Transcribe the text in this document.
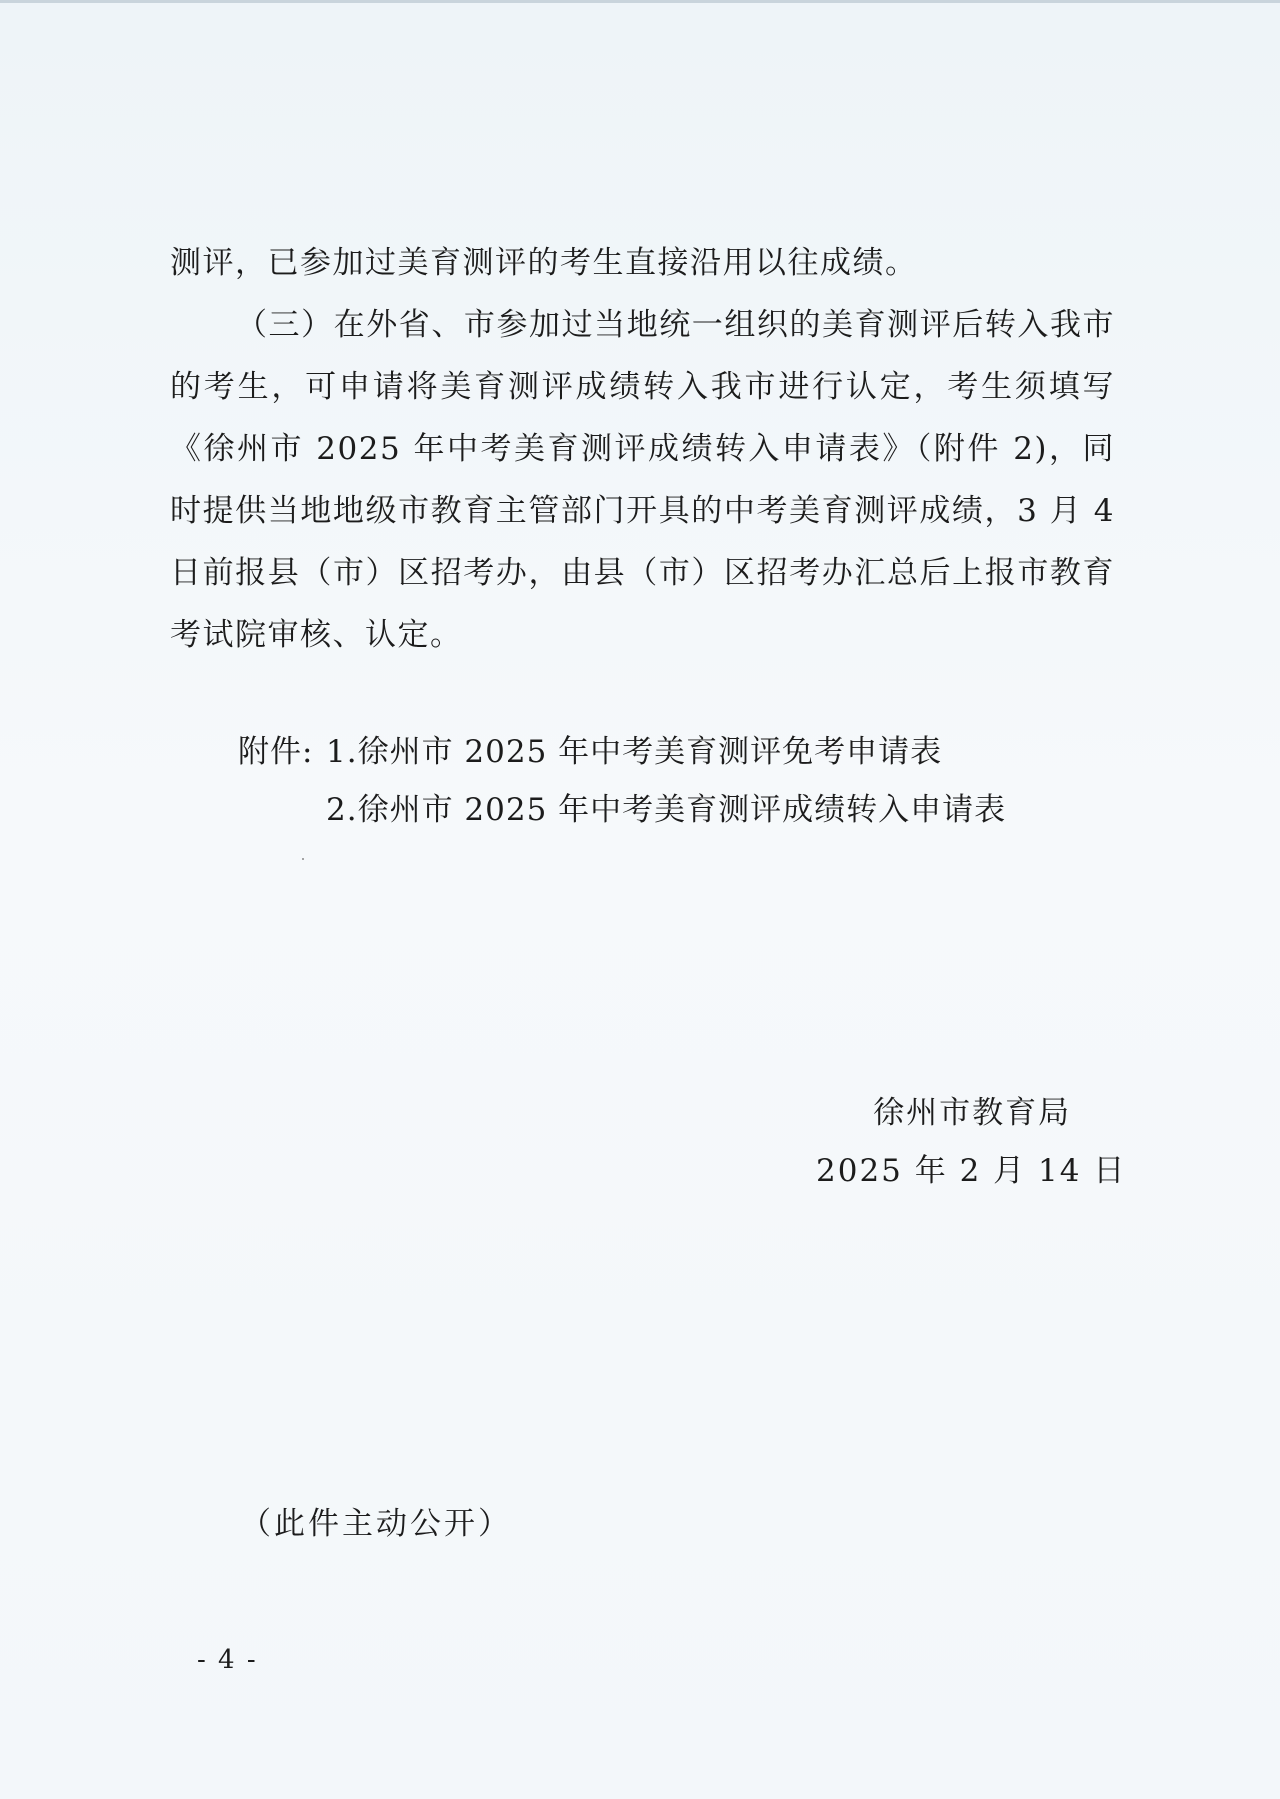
测评，已参加过美育测评的考生直接沿用以往成绩。

（三）在外省、市参加过当地统一组织的美育测评后转入我市的考生，可申请将美育测评成绩转入我市进行认定，考生须填写《徐州市 2025 年中考美育测评成绩转入申请表》（附件 2)，同时提供当地地级市教育主管部门开具的中考美育测评成绩，3 月 4 日前报县（市）区招考办，由县（市）区招考办汇总后上报市教育考试院审核、认定。

附件: 1.徐州市 2025 年中考美育测评免考申请表
2.徐州市 2025 年中考美育测评成绩转入申请表
徐州市教育局
2025 年 2 月 14 日
（此件主动公开）
- 4 -
